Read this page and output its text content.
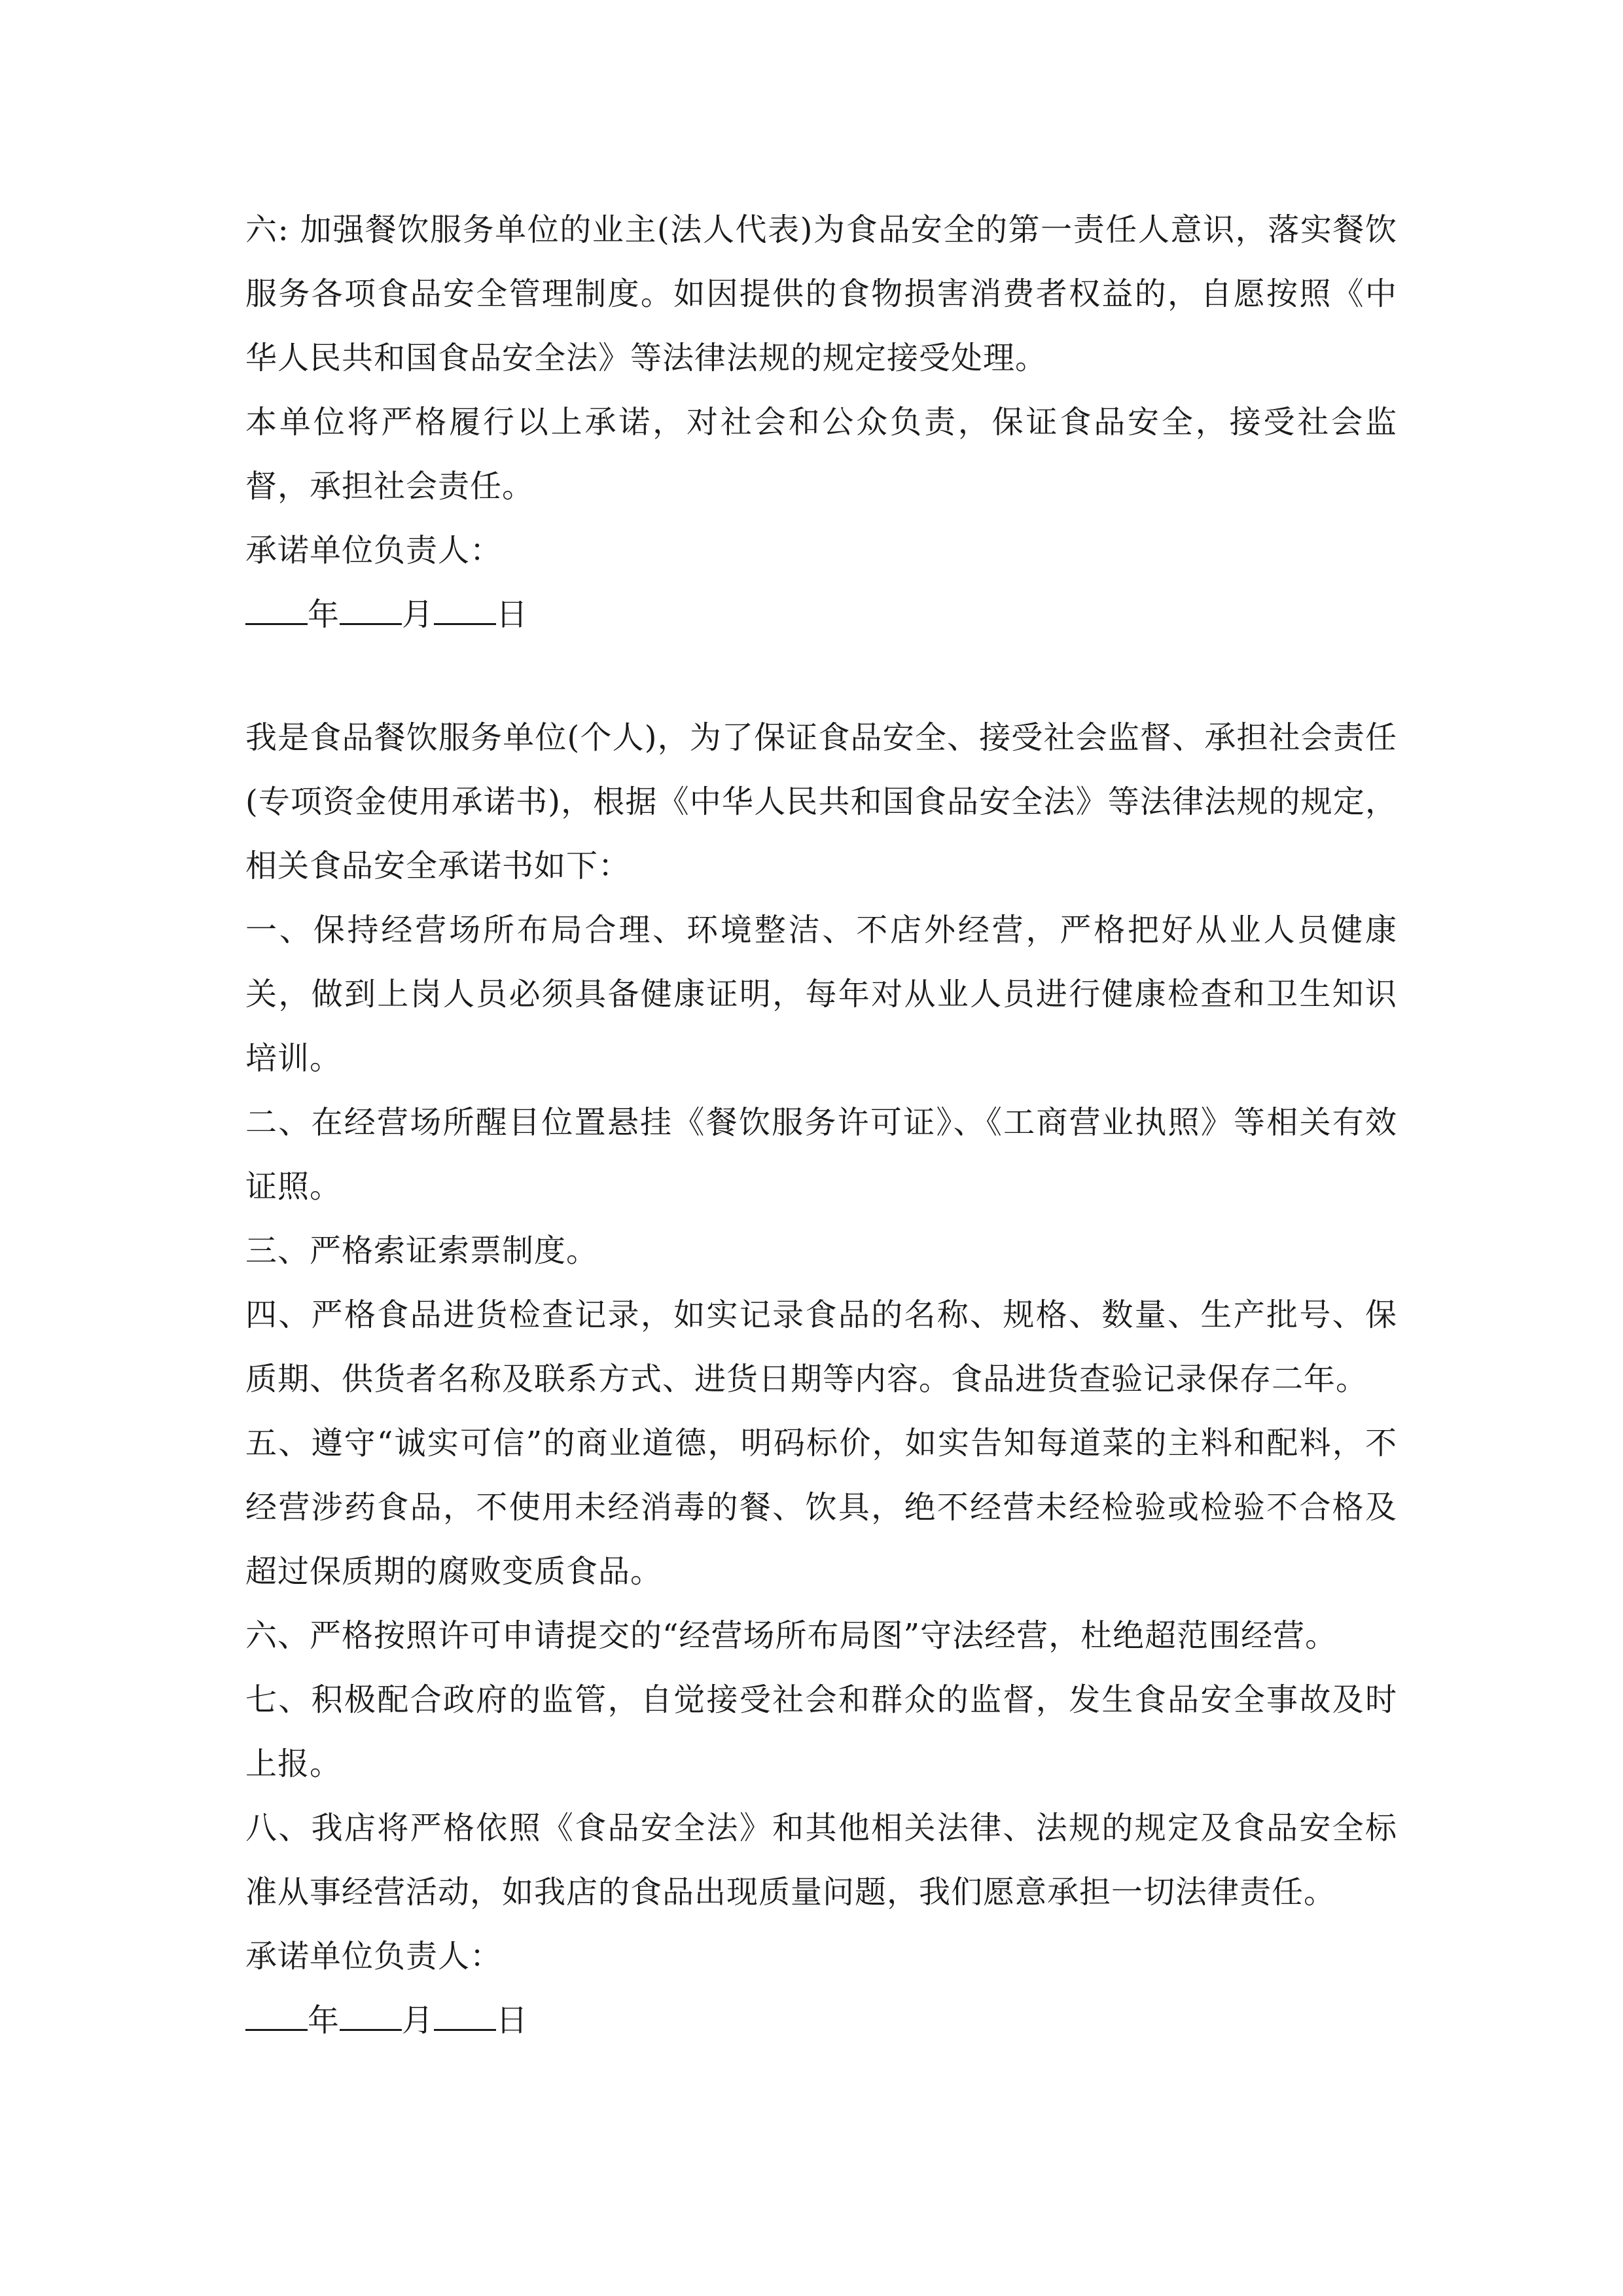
六: 加强餐饮服务单位的业主(法人代表)为食品安全的第一责任人意识，落实餐饮服务各项食品安全管理制度。如因提供的食物损害消费者权益的，自愿按照《中华人民共和国食品安全法》等法律法规的规定接受处理。

本单位将严格履行以上承诺，对社会和公众负责，保证食品安全，接受社会监督，承担社会责任。

承诺单位负责人：

年 月 日

我是食品餐饮服务单位(个人)，为了保证食品安全、接受社会监督、承担社会责任(专项资金使用承诺书)，根据《中华人民共和国食品安全法》等法律法规的规定，相关食品安全承诺书如下：

一、保持经营场所布局合理、环境整洁、不店外经营，严格把好从业人员健康关，做到上岗人员必须具备健康证明，每年对从业人员进行健康检查和卫生知识培训。

二、在经营场所醒目位置悬挂《餐饮服务许可证》、《工商营业执照》等相关有效证照。

三、严格索证索票制度。

四、严格食品进货检查记录，如实记录食品的名称、规格、数量、生产批号、保质期、供货者名称及联系方式、进货日期等内容。食品进货查验记录保存二年。

五、遵守“诚实可信”的商业道德，明码标价，如实告知每道菜的主料和配料，不经营涉药食品，不使用未经消毒的餐、饮具，绝不经营未经检验或检验不合格及超过保质期的腐败变质食品。

六、严格按照许可申请提交的“经营场所布局图”守法经营，杜绝超范围经营。

七、积极配合政府的监管，自觉接受社会和群众的监督，发生食品安全事故及时上报。

八、我店将严格依照《食品安全法》和其他相关法律、法规的规定及食品安全标准从事经营活动，如我店的食品出现质量问题，我们愿意承担一切法律责任。

承诺单位负责人：

年 月 日
